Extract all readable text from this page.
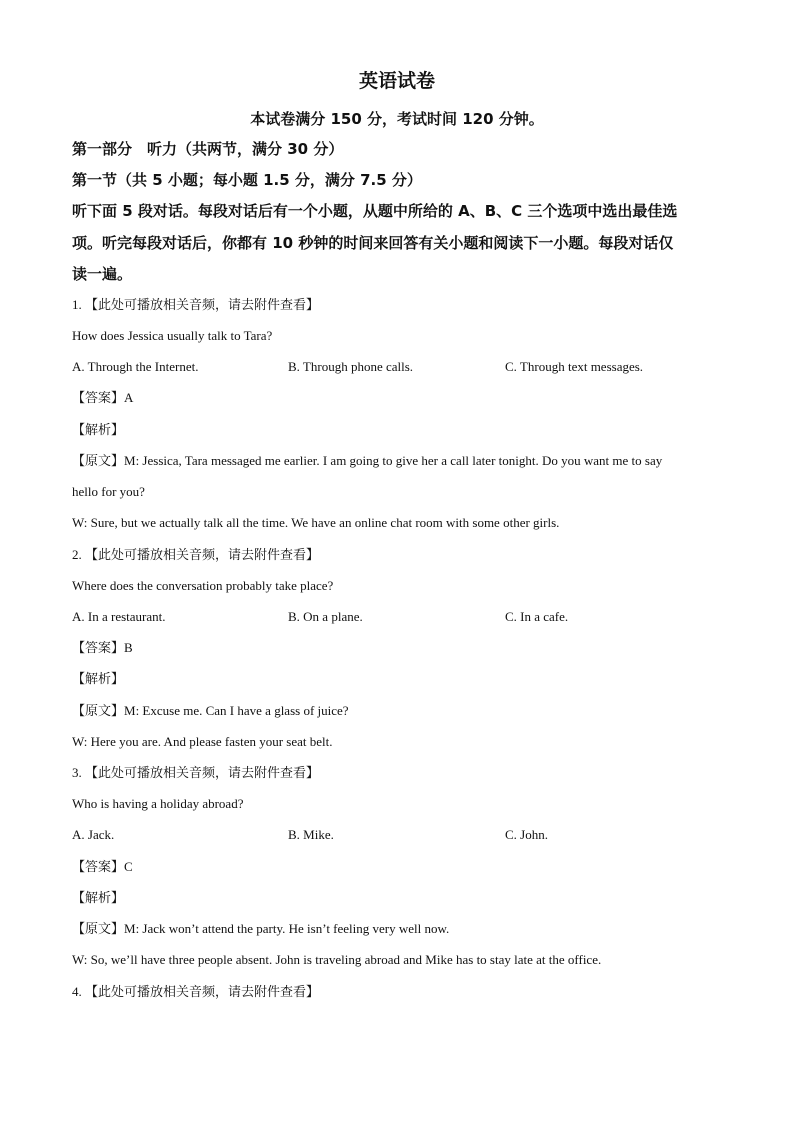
英语试卷
本试卷满分 150 分，考试时间 120 分钟。
第一部分　听力（共两节，满分 30 分）
第一节（共 5 小题；每小题 1.5 分，满分 7.5 分）
听下面 5 段对话。每段对话后有一个小题，从题中所给的 A、B、C 三个选项中选出最佳选
项。听完每段对话后，你都有 10 秒钟的时间来回答有关小题和阅读下一小题。每段对话仅
读一遍。
1. 【此处可播放相关音频，请去附件查看】
How does Jessica usually talk to Tara?
A. Through the Internet.	B. Through phone calls.	C. Through text messages.
【答案】A
【解析】
【原文】M: Jessica, Tara messaged me earlier. I am going to give her a call later tonight. Do you want me to say
hello for you?
W: Sure, but we actually talk all the time. We have an online chat room with some other girls.
2. 【此处可播放相关音频，请去附件查看】
Where does the conversation probably take place?
A. In a restaurant.	B. On a plane.	C. In a cafe.
【答案】B
【解析】
【原文】M: Excuse me. Can I have a glass of juice?
W: Here you are. And please fasten your seat belt.
3. 【此处可播放相关音频，请去附件查看】
Who is having a holiday abroad?
A. Jack.	B. Mike.	C. John.
【答案】C
【解析】
【原文】M: Jack won’t attend the party. He isn’t feeling very well now.
W: So, we’ll have three people absent. John is traveling abroad and Mike has to stay late at the office.
4. 【此处可播放相关音频，请去附件查看】
